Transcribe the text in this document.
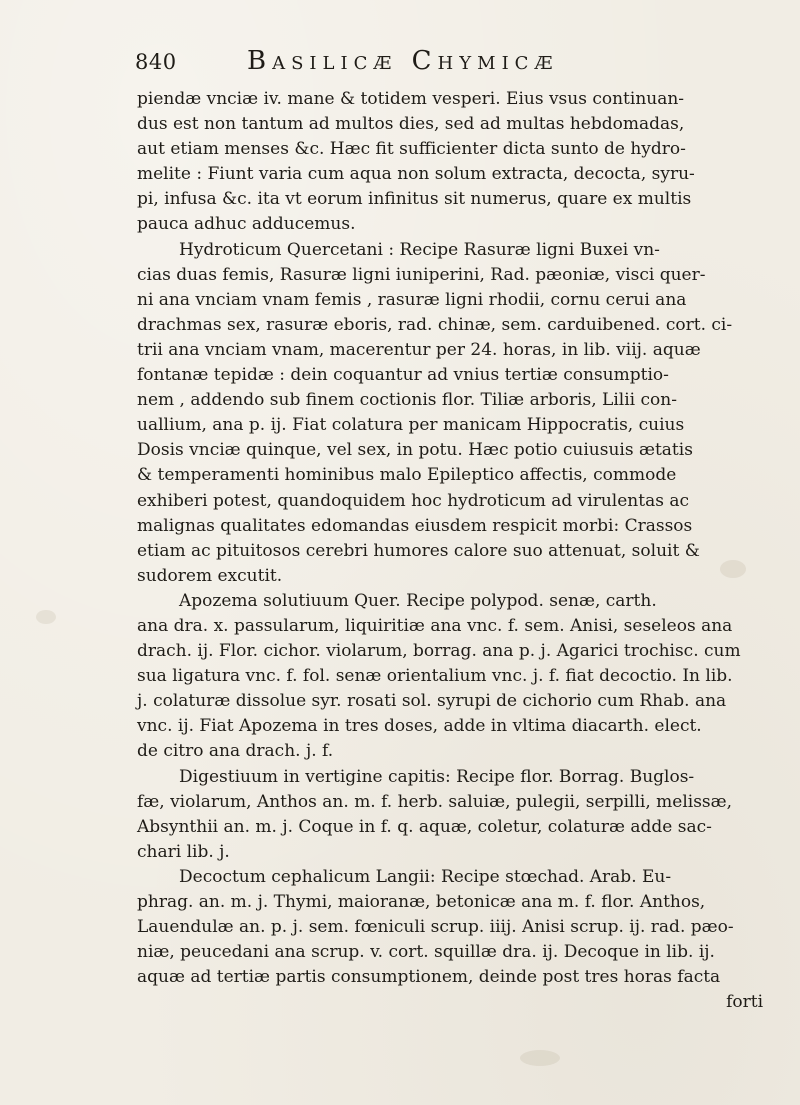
840	Basilicæ Chymicæ
piendæ vnciæ iv. mane & totidem vesperi. Eius vsus continuan-
dus est non tantum ad multos dies, sed ad multas hebdomadas,
aut etiam menses &c. Hæc fit sufficienter dicta sunto de hydro-
melite : Fiunt varia cum aqua non solum extracta, decocta, syru-
pi, infusa &c. ita vt eorum infinitus sit numerus, quare ex multis
pauca adhuc adducemus.
Hydroticum Quercetani : Recipe Rasuræ ligni Buxei vn-
cias duas femis, Rasuræ ligni iuniperini, Rad. pæoniæ, visci quer-
ni ana vnciam vnam femis , rasuræ ligni rhodii, cornu cerui ana
drachmas sex, rasuræ eboris, rad. chinæ, sem. carduibened. cort. ci-
trii ana vnciam vnam, macerentur per 24. horas, in lib. viij. aquæ
fontanæ tepidæ : dein coquantur ad vnius tertiæ consumptio-
nem , addendo sub finem coctionis flor. Tiliæ arboris, Lilii con-
uallium, ana p. ij. Fiat colatura per manicam Hippocratis, cuius
Dosis vnciæ quinque, vel sex, in potu. Hæc potio cuiusuis ætatis
& temperamenti hominibus malo Epileptico affectis, commode
exhiberi potest, quandoquidem hoc hydroticum ad virulentas ac
malignas qualitates edomandas eiusdem respicit morbi: Crassos
etiam ac pituitosos cerebri humores calore suo attenuat, soluit &
sudorem excutit.
Apozema solutiuum Quer. Recipe polypod. senæ, carth.
ana dra. x. passularum, liquiritiæ ana vnc. f. sem. Anisi, seseleos ana
drach. ij. Flor. cichor. violarum, borrag. ana p. j. Agarici trochisc. cum
sua ligatura vnc. f. fol. senæ orientalium vnc. j. f. fiat decoctio. In lib.
j. colaturæ dissolue syr. rosati sol. syrupi de cichorio cum Rhab. ana
vnc. ij. Fiat Apozema in tres doses, adde in vltima diacarth. elect.
de citro ana drach. j. f.
Digestiuum in vertigine capitis: Recipe flor. Borrag. Buglos-
fæ, violarum, Anthos an. m. f. herb. saluiæ, pulegii, serpilli, melissæ,
Absynthii an. m. j. Coque in f. q. aquæ, coletur, colaturæ adde sac-
chari lib. j.
Decoctum cephalicum Langii: Recipe stœchad. Arab. Eu-
phrag. an. m. j. Thymi, maioranæ, betonicæ ana m. f. flor. Anthos,
Lauendulæ an. p. j. sem. fœniculi scrup. iiij. Anisi scrup. ij. rad. pæo-
niæ, peucedani ana scrup. v. cort. squillæ dra. ij. Decoque in lib. ij.
aquæ ad tertiæ partis consumptionem, deinde post tres horas facta
forti
